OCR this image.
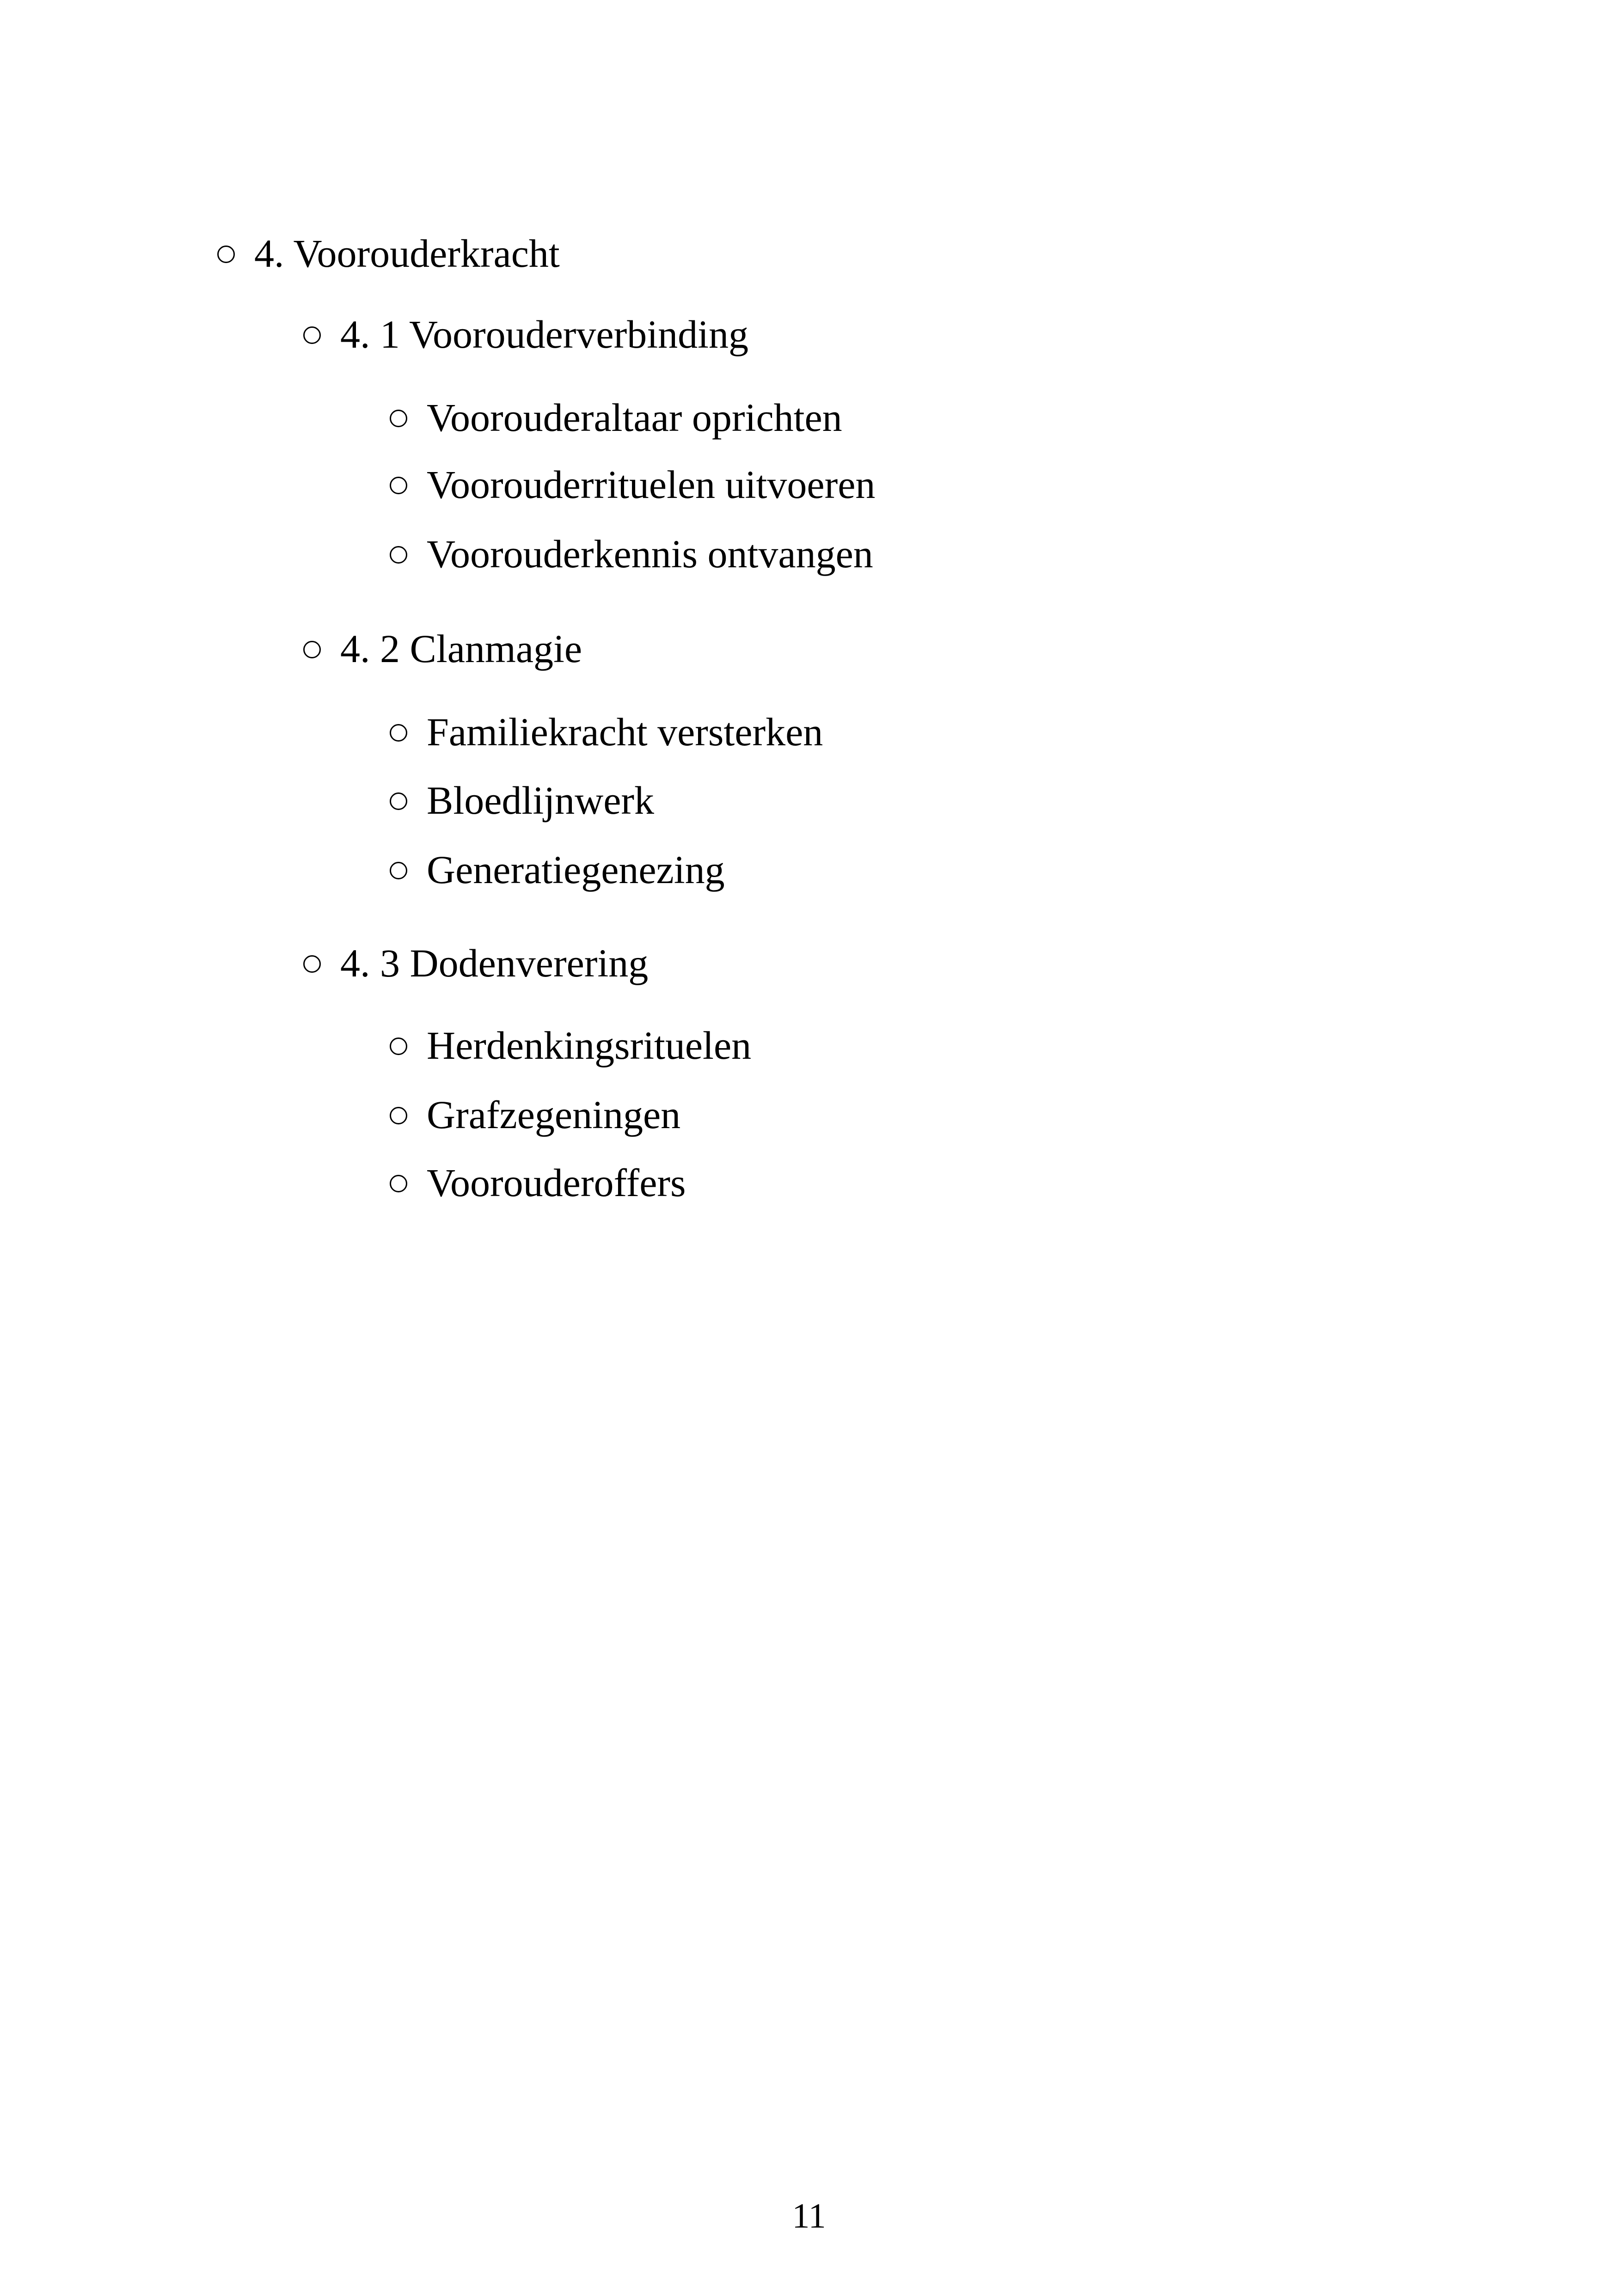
4. Voorouderkracht
4. 1 Voorouderverbinding
Voorouderaltaar oprichten
Voorouderrituelen uitvoeren
Voorouderkennis ontvangen
4. 2 Clanmagie
Familiekracht versterken
Bloedlijnwerk
Generatiegenezing
4. 3 Dodenverering
Herdenkingsrituelen
Grafzegeningen
Voorouderoffers
11
